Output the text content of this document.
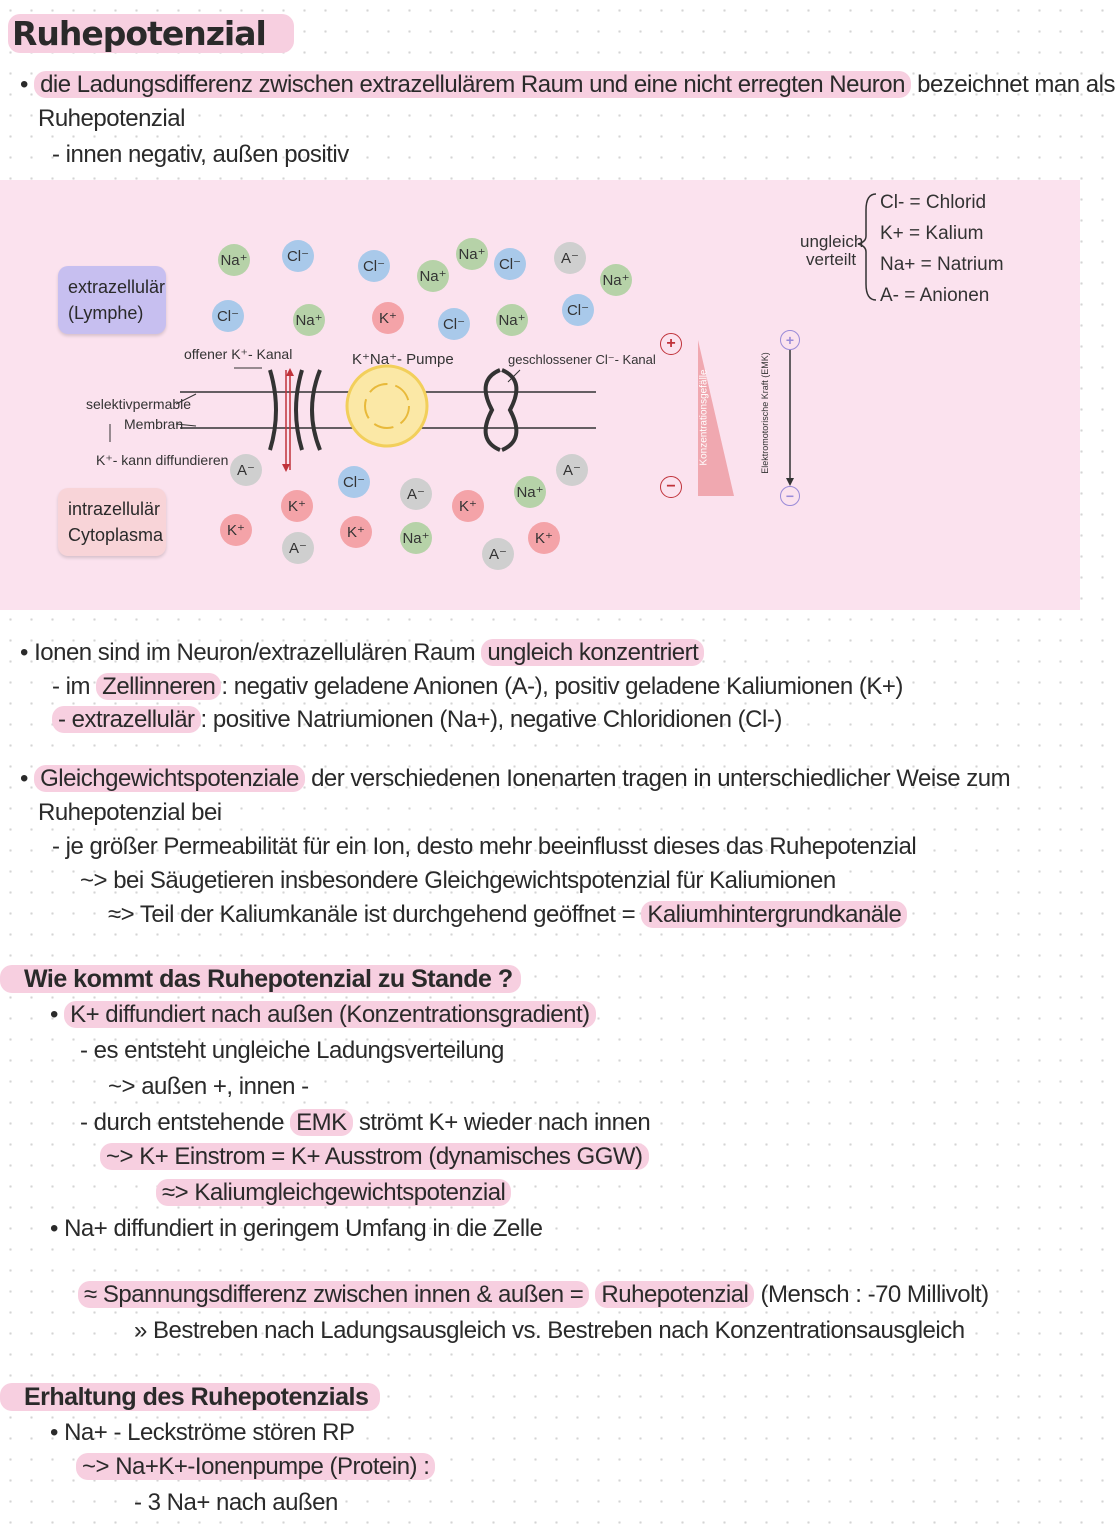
Ruhepotenzial
• die Ladungsdifferenz zwischen extrazellulärem Raum und eine nicht erregten Neuron bezeichnet man als
Ruhepotenzial
- innen negativ, außen positiv
extrazellulär
(Lymphe)
intrazellulär
Cytoplasma
offener K⁺- Kanal	K⁺Na⁺- Pumpe	geschlossener Cl⁻- Kanal
selektivpermable
Membran
K⁺- kann diffundieren
+
−
+
−
Konzentrationsgefälle	Elektromotorische Kraft (EMK)
ungleich
verteilt
Cl- = Chlorid
K+ = Kalium
Na+ = Natrium
A- = Anionen
Na⁺	Cl⁻
Cl⁻
Na⁺
Na⁺
Cl⁻	A⁻
Na⁺
Cl⁻	Na⁺	K⁺	Cl⁻	Na⁺
Cl⁻
A⁻
Cl⁻
A⁻	Na⁺
A⁻
K⁺	K⁺
K⁺	K⁺	Na⁺	K⁺
A⁻	A⁻
• Ionen sind im Neuron/extrazellulären Raum ungleich konzentriert
- im Zellinneren : negativ geladene Anionen (A-), positiv geladene Kaliumionen (K+)
- extrazellulär : positive Natriumionen (Na+), negative Chloridionen (Cl-)
• Gleichgewichtspotenziale der verschiedenen Ionenarten tragen in unterschiedlicher Weise zum
Ruhepotenzial bei
- je größer Permeabilität für ein Ion, desto mehr beeinflusst dieses das Ruhepotenzial
~> bei Säugetieren insbesondere Gleichgewichtspotenzial für Kaliumionen
≈> Teil der Kaliumkanäle ist durchgehend geöffnet = Kaliumhintergrundkanäle
Wie kommt das Ruhepotenzial zu Stande ?
• K+ diffundiert nach außen (Konzentrationsgradient)
- es entsteht ungleiche Ladungsverteilung
~> außen +, innen -
- durch entstehende EMK strömt K+ wieder nach innen
~> K+ Einstrom = K+ Ausstrom (dynamisches GGW)
≈> Kaliumgleichgewichtspotenzial
• Na+ diffundiert in geringem Umfang in die Zelle
≈ Spannungsdifferenz zwischen innen & außen = Ruhepotenzial (Mensch : -70 Millivolt)
» Bestreben nach Ladungsausgleich vs. Bestreben nach Konzentrationsausgleich
Erhaltung des Ruhepotenzials
• Na+ - Leckströme stören RP
~> Na+K+-Ionenpumpe (Protein) :
- 3 Na+ nach außen
